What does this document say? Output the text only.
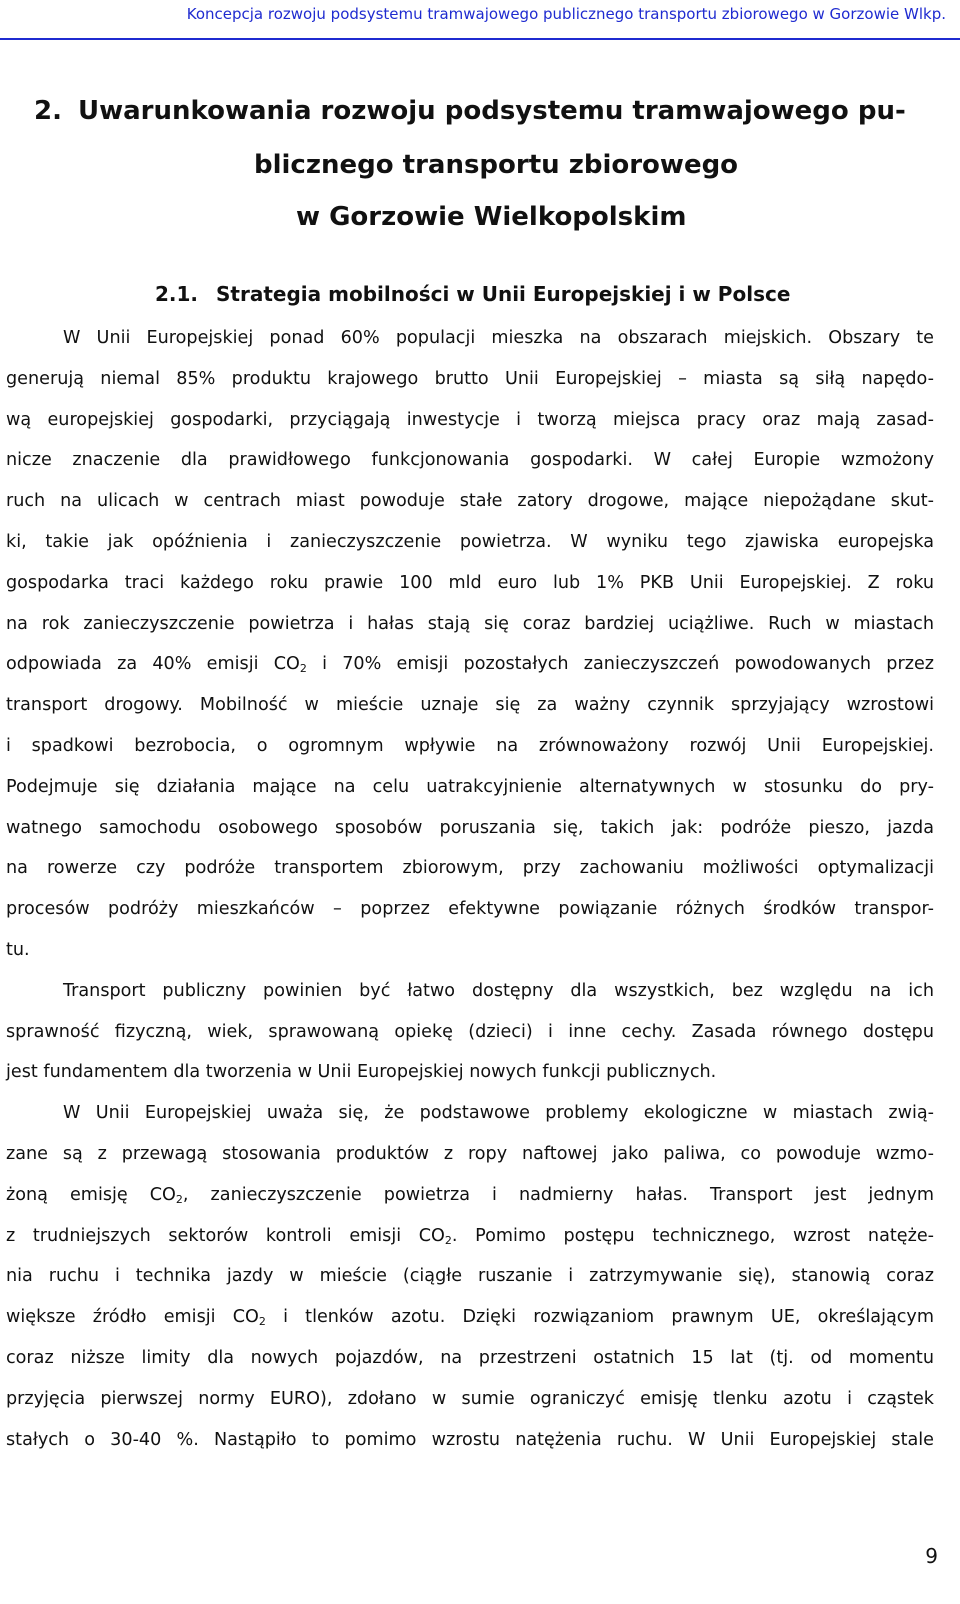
Koncepcja rozwoju podsystemu tramwajowego publicznego transportu zbiorowego w Gorzowie Wlkp.
2. Uwarunkowania rozwoju podsystemu tramwajowego pu-
blicznego transportu zbiorowego
w Gorzowie Wielkopolskim
2.1. Strategia mobilności w Unii Europejskiej i w Polsce
W Unii Europejskiej ponad 60% populacji mieszka na obszarach miejskich. Obszary te
generują niemal 85% produktu krajowego brutto Unii Europejskiej – miasta są siłą napędo-
wą europejskiej gospodarki, przyciągają inwestycje i tworzą miejsca pracy oraz mają zasad-
nicze znaczenie dla prawidłowego funkcjonowania gospodarki. W całej Europie wzmożony
ruch na ulicach w centrach miast powoduje stałe zatory drogowe, mające niepożądane skut-
ki, takie jak opóźnienia i zanieczyszczenie powietrza. W wyniku tego zjawiska europejska
gospodarka traci każdego roku prawie 100 mld euro lub 1% PKB Unii Europejskiej. Z roku
na rok zanieczyszczenie powietrza i hałas stają się coraz bardziej uciążliwe. Ruch w miastach
odpowiada za 40% emisji $CO_2$ i 70% emisji pozostałych zanieczyszczeń powodowanych przez
transport drogowy. Mobilność w mieście uznaje się za ważny czynnik sprzyjający wzrostowi
i spadkowi bezrobocia, o ogromnym wpływie na zrównoważony rozwój Unii Europejskiej.
Podejmuje się działania mające na celu uatrakcyjnienie alternatywnych w stosunku do pry-
watnego samochodu osobowego sposobów poruszania się, takich jak: podróże pieszo, jazda
na rowerze czy podróże transportem zbiorowym, przy zachowaniu możliwości optymalizacji
procesów podróży mieszkańców – poprzez efektywne powiązanie różnych środków transpor-
tu.
Transport publiczny powinien być łatwo dostępny dla wszystkich, bez względu na ich
sprawność fizyczną, wiek, sprawowaną opiekę (dzieci) i inne cechy. Zasada równego dostępu
jest fundamentem dla tworzenia w Unii Europejskiej nowych funkcji publicznych.
W Unii Europejskiej uważa się, że podstawowe problemy ekologiczne w miastach zwią-
zane są z przewagą stosowania produktów z ropy naftowej jako paliwa, co powoduje wzmo-
żoną emisję $CO_2$, zanieczyszczenie powietrza i nadmierny hałas. Transport jest jednym
z trudniejszych sektorów kontroli emisji $CO_2$. Pomimo postępu technicznego, wzrost natęże-
nia ruchu i technika jazdy w mieście (ciągłe ruszanie i zatrzymywanie się), stanowią coraz
większe źródło emisji $CO_2$ i tlenków azotu. Dzięki rozwiązaniom prawnym UE, określającym
coraz niższe limity dla nowych pojazdów, na przestrzeni ostatnich 15 lat (tj. od momentu
przyjęcia pierwszej normy EURO), zdołano w sumie ograniczyć emisję tlenku azotu i cząstek
stałych o 30-40 %. Nastąpiło to pomimo wzrostu natężenia ruchu. W Unii Europejskiej stale
9
